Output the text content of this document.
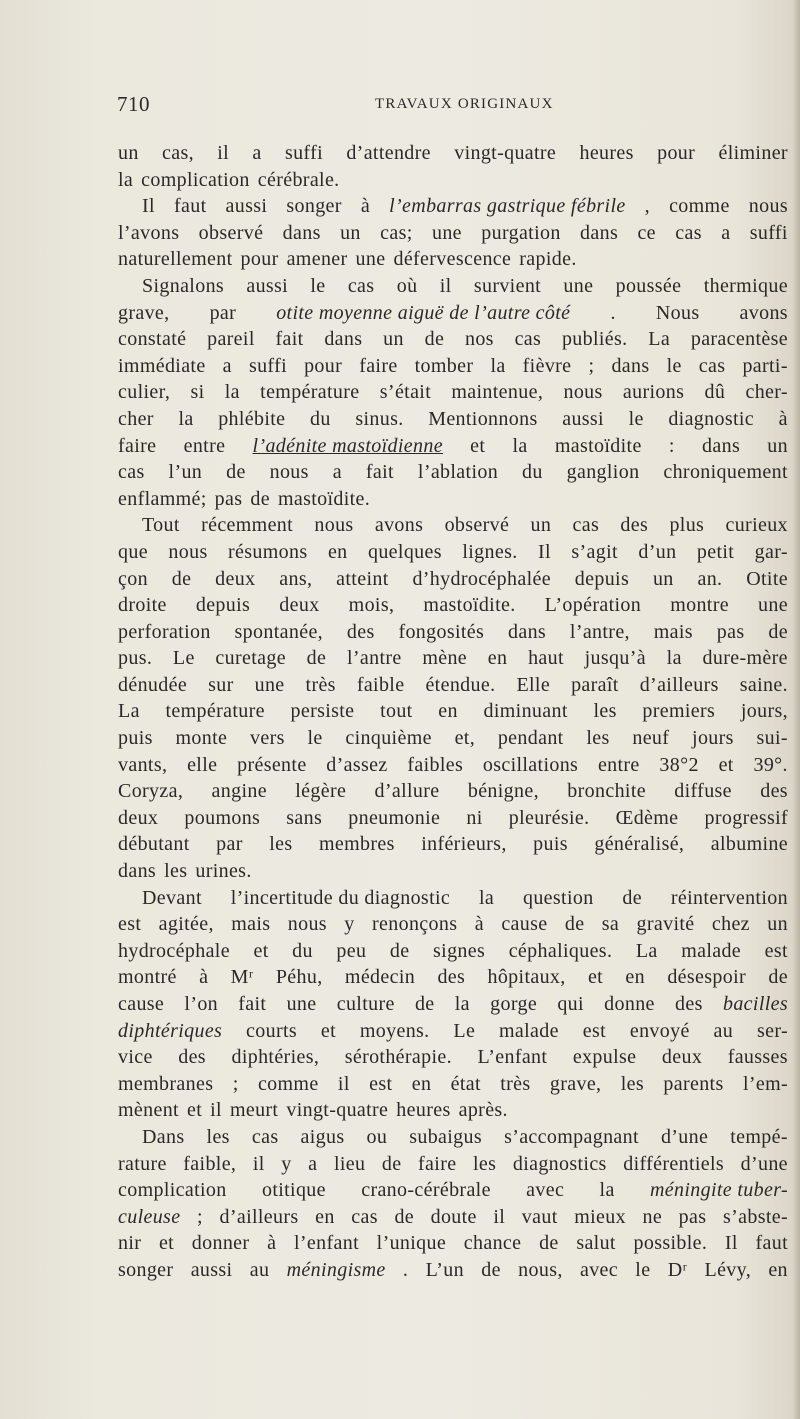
710	TRAVAUX ORIGINAUX
un cas, il a suffi d’attendre vingt-quatre heures pour éliminer
la complication cérébrale.
Il faut aussi songer à l’embarras gastrique fébrile , comme nous
l’avons observé dans un cas; une purgation dans ce cas a suffi
naturellement pour amener une défervescence rapide.
Signalons aussi le cas où il survient une poussée thermique
grave, par otite moyenne aiguë de l’autre côté . Nous avons
constaté pareil fait dans un de nos cas publiés. La paracentèse
immédiate a suffi pour faire tomber la fièvre ; dans le cas parti-
culier, si la température s’était maintenue, nous aurions dû cher-
cher la phlébite du sinus. Mentionnons aussi le diagnostic à
faire entre l’adénite mastoïdienne et la mastoïdite : dans un
cas l’un de nous a fait l’ablation du ganglion chroniquement
enflammé; pas de mastoïdite.
Tout récemment nous avons observé un cas des plus curieux
que nous résumons en quelques lignes. Il s’agit d’un petit gar-
çon de deux ans, atteint d’hydrocéphalée depuis un an. Otite
droite depuis deux mois, mastoïdite. L’opération montre une
perforation spontanée, des fongosités dans l’antre, mais pas de
pus. Le curetage de l’antre mène en haut jusqu’à la dure-mère
dénudée sur une très faible étendue. Elle paraît d’ailleurs saine.
La température persiste tout en diminuant les premiers jours,
puis monte vers le cinquième et, pendant les neuf jours sui-
vants, elle présente d’assez faibles oscillations entre 38°2 et 39°.
Coryza, angine légère d’allure bénigne, bronchite diffuse des
deux poumons sans pneumonie ni pleurésie. Œdème progressif
débutant par les membres inférieurs, puis généralisé, albumine
dans les urines.
Devant l’incertitude du diagnostic la question de réintervention
est agitée, mais nous y renonçons à cause de sa gravité chez un
hydrocéphale et du peu de signes céphaliques. La malade est
montré à Mʳ Péhu, médecin des hôpitaux, et en désespoir de
cause l’on fait une culture de la gorge qui donne des bacilles
diphtériques courts et moyens. Le malade est envoyé au ser-
vice des diphtéries, sérothérapie. L’enfant expulse deux fausses
membranes ; comme il est en état très grave, les parents l’em-
mènent et il meurt vingt-quatre heures après.
Dans les cas aigus ou subaigus s’accompagnant d’une tempé-
rature faible, il y a lieu de faire les diagnostics différentiels d’une
complication otitique crano-cérébrale avec la méningite tuber-
culeuse ; d’ailleurs en cas de doute il vaut mieux ne pas s’abste-
nir et donner à l’enfant l’unique chance de salut possible. Il faut
songer aussi au méningisme . L’un de nous, avec le Dʳ Lévy, en
